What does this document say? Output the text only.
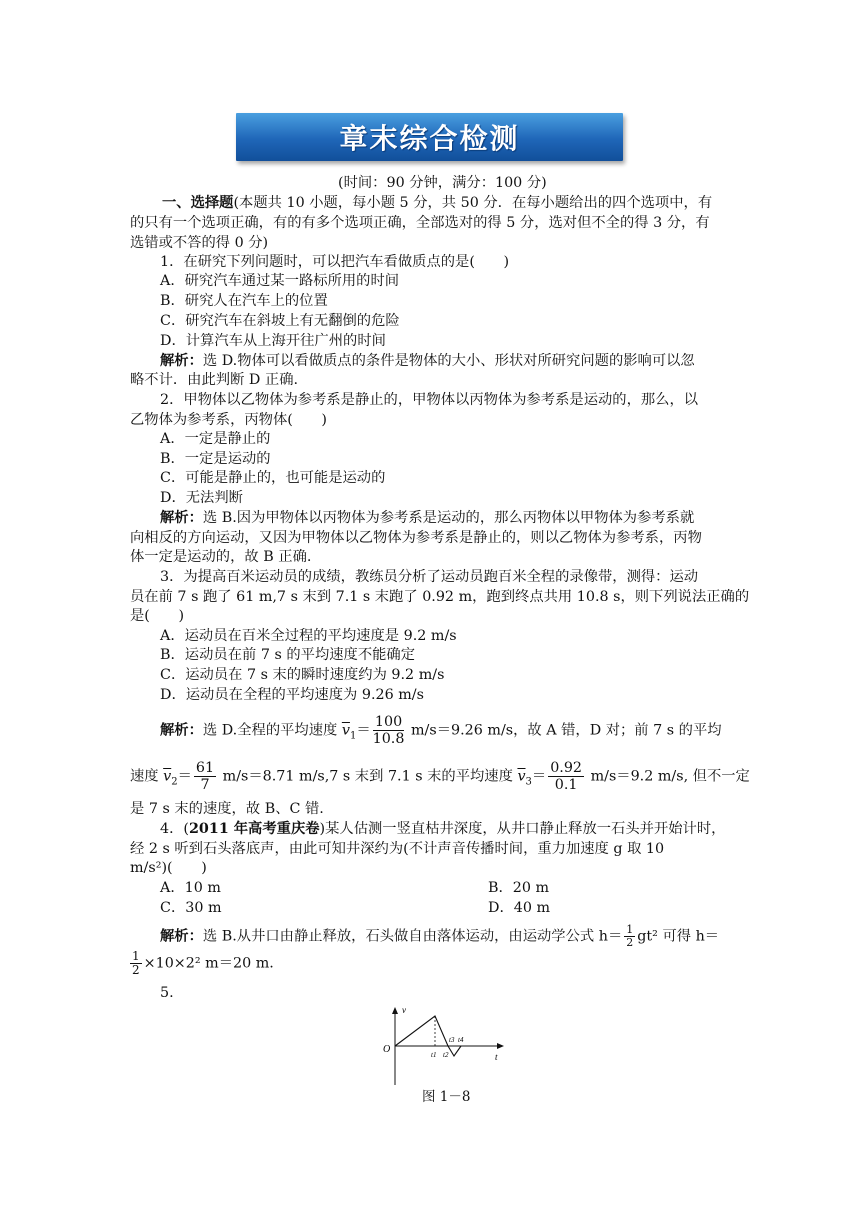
章末综合检测
(时间：90 分钟，满分：100 分)
一、选择题(本题共 10 小题，每小题 5 分，共 50 分．在每小题给出的四个选项中，有
的只有一个选项正确，有的有多个选项正确，全部选对的得 5 分，选对但不全的得 3 分，有
选错或不答的得 0 分)
1．在研究下列问题时，可以把汽车看做质点的是(　　)
A．研究汽车通过某一路标所用的时间
B．研究人在汽车上的位置
C．研究汽车在斜坡上有无翻倒的危险
D．计算汽车从上海开往广州的时间
解析：选 D.物体可以看做质点的条件是物体的大小、形状对所研究问题的影响可以忽
略不计．由此判断 D 正确.
2．甲物体以乙物体为参考系是静止的，甲物体以丙物体为参考系是运动的，那么，以
乙物体为参考系，丙物体(　　)
A．一定是静止的
B．一定是运动的
C．可能是静止的，也可能是运动的
D．无法判断
解析：选 B.因为甲物体以丙物体为参考系是运动的，那么丙物体以甲物体为参考系就
向相反的方向运动，又因为甲物体以乙物体为参考系是静止的，则以乙物体为参考系，丙物
体一定是运动的，故 B 正确.
3．为提高百米运动员的成绩，教练员分析了运动员跑百米全程的录像带，测得：运动
员在前 7 s 跑了 61 m,7 s 末到 7.1 s 末跑了 0.92 m，跑到终点共用 10.8 s，则下列说法正确的
是(　　)
A．运动员在百米全过程的平均速度是 9.2 m/s
B．运动员在前 7 s 的平均速度不能确定
C．运动员在 7 s 末的瞬时速度约为 9.2 m/s
D．运动员在全程的平均速度为 9.26 m/s
解析：选 D.全程的平均速度 $\overline{v}_1= \frac{100}{10.8} m/s=9.26$ m/s，故 A 错，D 对；前 7 s 的平均
速度 $\overline{v}_2= \frac{61}{7} m/s=8.71$ m/s,7 s 末到 7.1 s 末的平均速度 $\overline{v}_3= \frac{0.92}{0.1} m/s=9.2$ m/s, 但不一定
是 7 s 末的速度，故 B、C 错.
4．(2011 年高考重庆卷)某人估测一竖直枯井深度，从井口静止释放一石头并开始计时，
经 2 s 听到石头落底声，由此可知井深约为(不计声音传播时间，重力加速度 g 取 10
m/s²)(　　)
A．10 m	B．20 m
C．30 m	D．40 m
解析：选 B.从井口由静止释放，石头做自由落体运动，由运动学公式 $h= \frac{1}{2} gt^2$ 可得 h＝
$\frac{1}{2} \times 10\times 2^2$ m＝20 m.
5.
v
t
O	t1 t2
t3 t4
图 1－8
